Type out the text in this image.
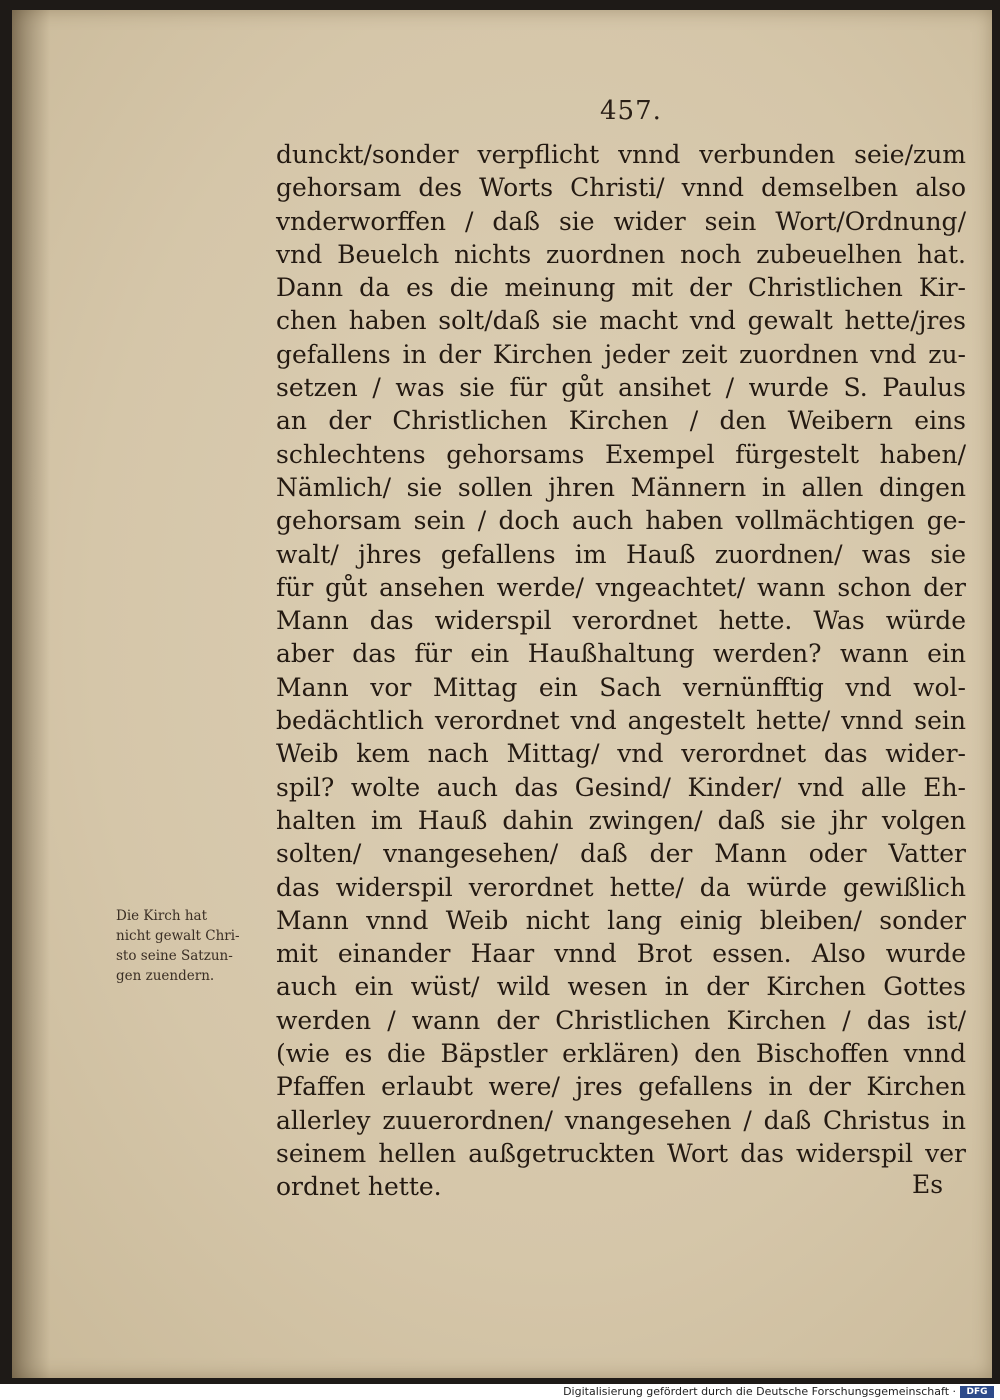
457.
dunckt/sonder verpflicht vnnd verbunden seie/zum
gehorsam des Worts Christi/ vnnd demselben also
vnderworffen / daß sie wider sein Wort/Ordnung/
vnd Beuelch nichts zuordnen noch zubeuelhen hat.
Dann da es die meinung mit der Christlichen Kir-
chen haben solt/daß sie macht vnd gewalt hette/jres
gefallens in der Kirchen jeder zeit zuordnen vnd zu-
setzen / was sie für gůt ansihet / wurde S. Paulus
an der Christlichen Kirchen / den Weibern eins
schlechtens gehorsams Exempel fürgestelt haben/
Nämlich/ sie sollen jhren Männern in allen dingen
gehorsam sein / doch auch haben vollmächtigen ge-
walt/ jhres gefallens im Hauß zuordnen/ was sie
für gůt ansehen werde/ vngeachtet/ wann schon der
Mann das widerspil verordnet hette. Was würde
aber das für ein Haußhaltung werden? wann ein
Mann vor Mittag ein Sach vernünfftig vnd wol-
bedächtlich verordnet vnd angestelt hette/ vnnd sein
Weib kem nach Mittag/ vnd verordnet das wider-
spil? wolte auch das Gesind/ Kinder/ vnd alle Eh-
halten im Hauß dahin zwingen/ daß sie jhr volgen
solten/ vnangesehen/ daß der Mann oder Vatter
das widerspil verordnet hette/ da würde gewißlich
Mann vnnd Weib nicht lang einig bleiben/ sonder
mit einander Haar vnnd Brot essen. Also wurde
auch ein wüst/ wild wesen in der Kirchen Gottes
werden / wann der Christlichen Kirchen / das ist/
(wie es die Bäpstler erklären) den Bischoffen vnnd
Pfaffen erlaubt were/ jres gefallens in der Kirchen
allerley zuuerordnen/ vnangesehen / daß Christus in
seinem hellen außgetruckten Wort das widerspil ver
ordnet hette.	Es
Die Kirch hat
nicht gewalt Chri-
sto seine Satzun-
gen zuendern.
Digitalisierung gefördert durch die Deutsche Forschungsgemeinschaft ·	DFG
